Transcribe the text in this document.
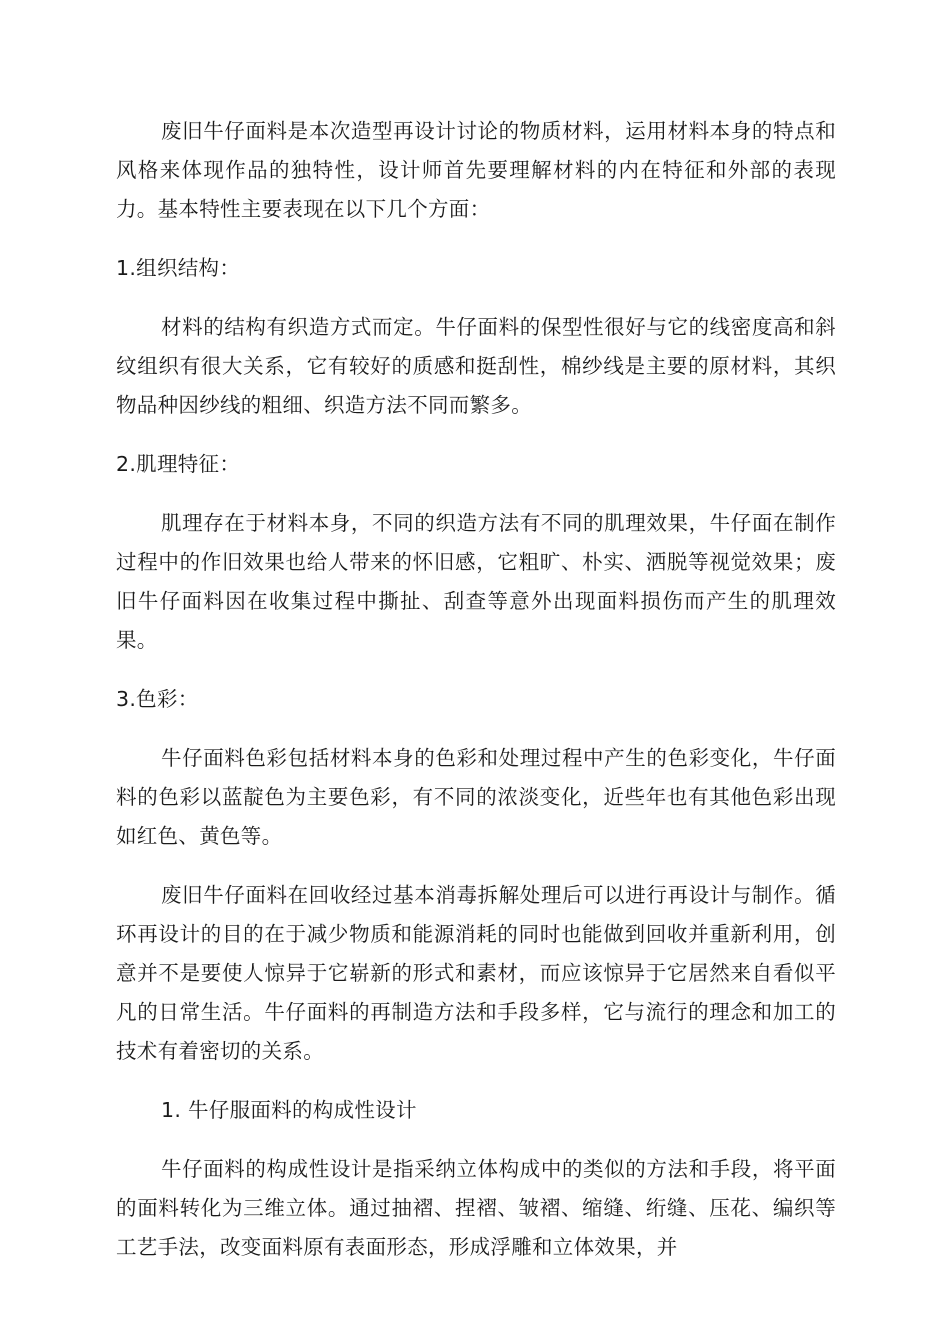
废旧牛仔面料是本次造型再设计讨论的物质材料，运用材料本身的特点和风格来体现作品的独特性，设计师首先要理解材料的内在特征和外部的表现力。基本特性主要表现在以下几个方面：

1.组织结构：

材料的结构有织造方式而定。牛仔面料的保型性很好与它的线密度高和斜纹组织有很大关系，它有较好的质感和挺刮性，棉纱线是主要的原材料，其织物品种因纱线的粗细、织造方法不同而繁多。

2.肌理特征：

肌理存在于材料本身，不同的织造方法有不同的肌理效果，牛仔面在制作过程中的作旧效果也给人带来的怀旧感，它粗旷、朴实、洒脱等视觉效果；废旧牛仔面料因在收集过程中撕扯、刮查等意外出现面料损伤而产生的肌理效果。

3.色彩：

牛仔面料色彩包括材料本身的色彩和处理过程中产生的色彩变化，牛仔面料的色彩以蓝靛色为主要色彩，有不同的浓淡变化，近些年也有其他色彩出现如红色、黄色等。

废旧牛仔面料在回收经过基本消毒拆解处理后可以进行再设计与制作。循环再设计的目的在于减少物质和能源消耗的同时也能做到回收并重新利用，创意并不是要使人惊异于它崭新的形式和素材，而应该惊异于它居然来自看似平凡的日常生活。牛仔面料的再制造方法和手段多样，它与流行的理念和加工的技术有着密切的关系。

1. 牛仔服面料的构成性设计

牛仔面料的构成性设计是指采纳立体构成中的类似的方法和手段，将平面的面料转化为三维立体。通过抽褶、捏褶、皱褶、缩缝、绗缝、压花、编织等工艺手法，改变面料原有表面形态，形成浮雕和立体效果，并
